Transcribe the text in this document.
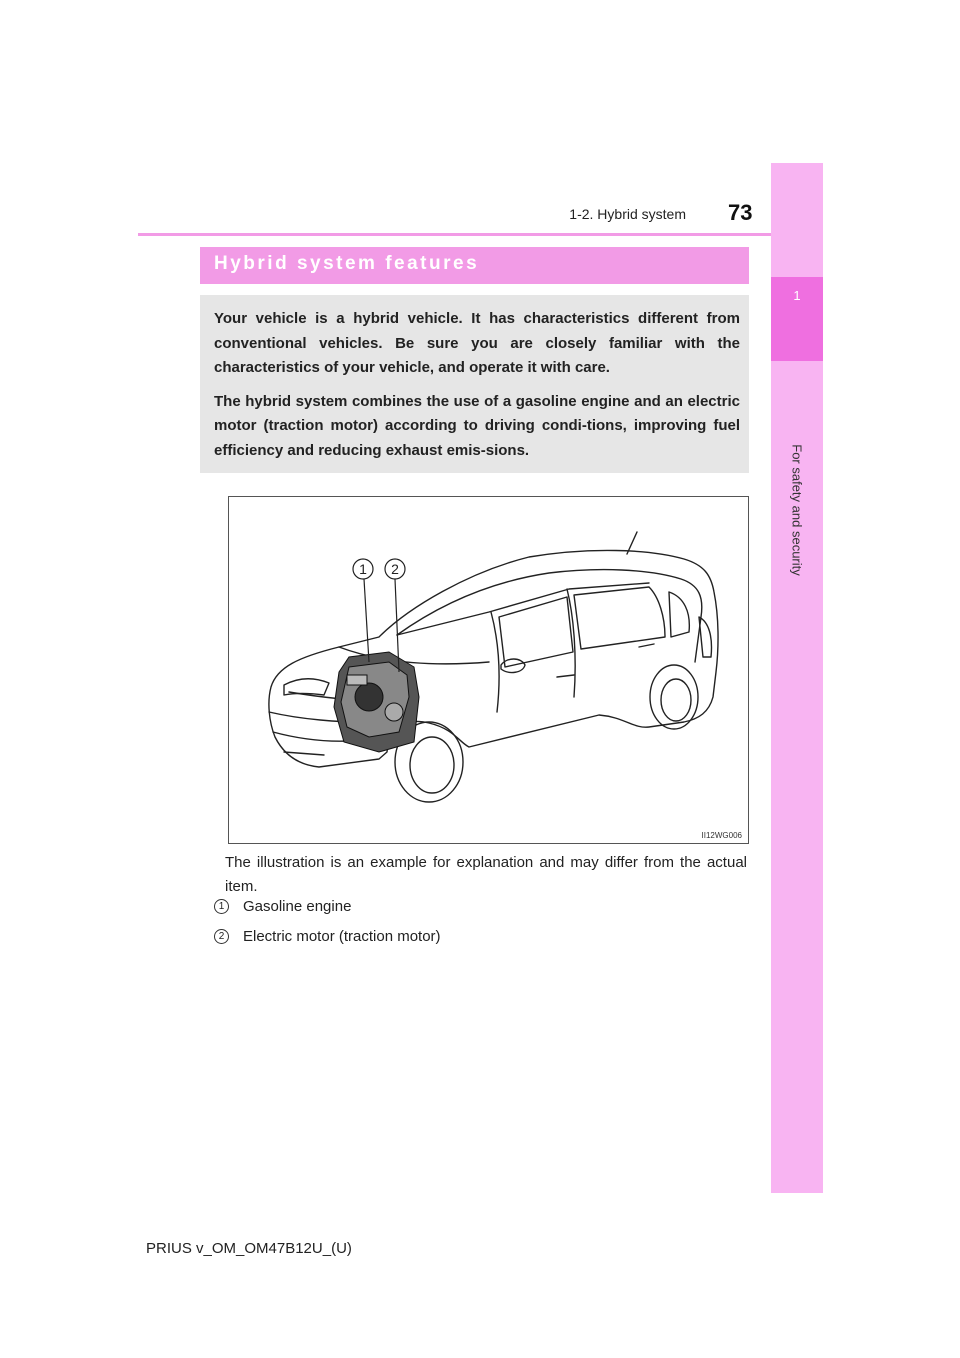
1-2. Hybrid system 73
1
For safety and security
Hybrid system features

Your vehicle is a hybrid vehicle. It has characteristics different from conventional vehicles. Be sure you are closely familiar with the characteristics of your vehicle, and operate it with care.

The hybrid system combines the use of a gasoline engine and an electric motor (traction motor) according to driving condi-tions, improving fuel efficiency and reducing exhaust emis-sions.

1 2
II12WG006
The illustration is an example for explanation and may differ from the actual item.
1 Gasoline engine
2 Electric motor (traction motor)
PRIUS v_OM_OM47B12U_(U)
